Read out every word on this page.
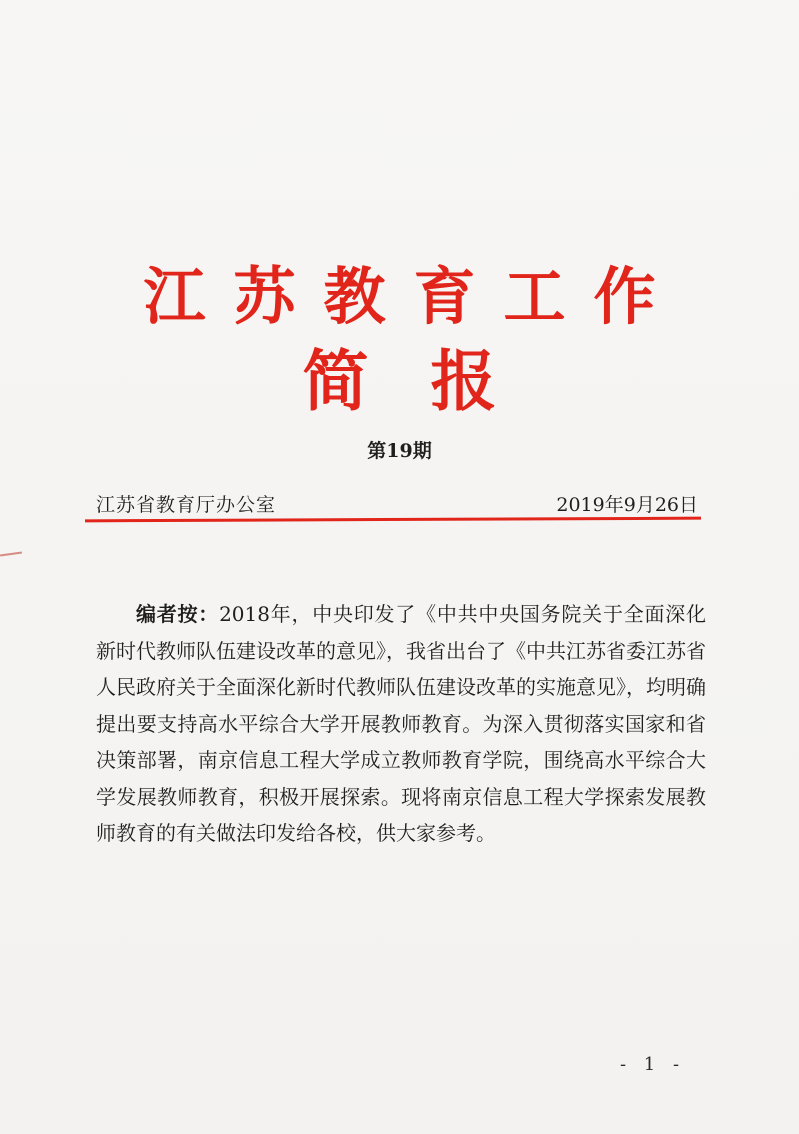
江苏教育工作
简报
第19期
江苏省教育厅办公室	2019年9月26日
编者按：2018年，中央印发了《中共中央国务院关于全面深化新时代教师队伍建设改革的意见》，我省出台了《中共江苏省委江苏省人民政府关于全面深化新时代教师队伍建设改革的实施意见》，均明确提出要支持高水平综合大学开展教师教育。为深入贯彻落实国家和省决策部署，南京信息工程大学成立教师教育学院，围绕高水平综合大学发展教师教育，积极开展探索。现将南京信息工程大学探索发展教师教育的有关做法印发给各校，供大家参考。
- 1 -
